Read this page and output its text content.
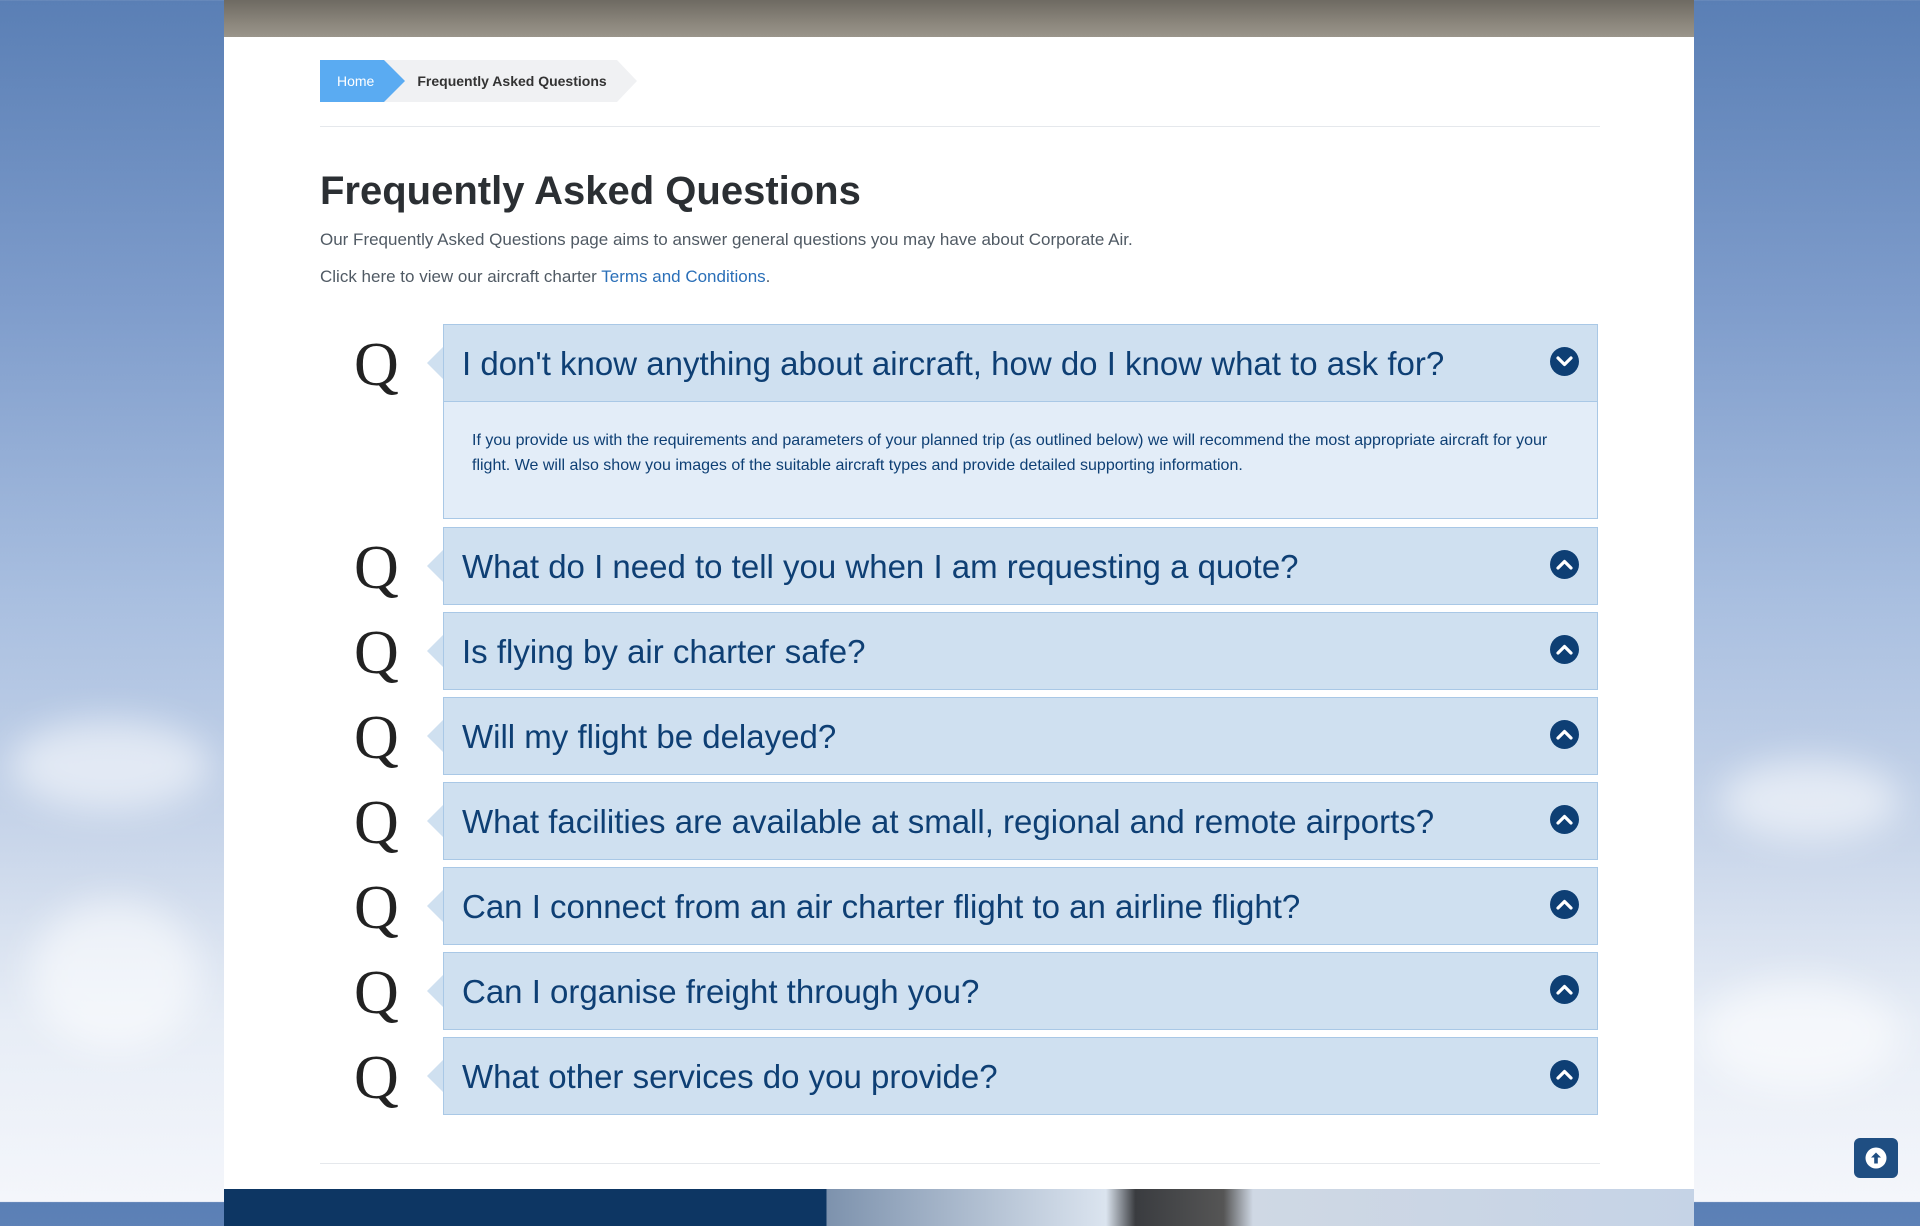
Home	Frequently Asked Questions
Frequently Asked Questions

Our Frequently Asked Questions page aims to answer general questions you may have about Corporate Air.

Click here to view our aircraft charter Terms and Conditions.

Q I don't know anything about aircraft, how do I know what to ask for?

If you provide us with the requirements and parameters of your planned trip (as outlined below) we will recommend the most appropriate aircraft for your flight. We will also show you images of the suitable aircraft types and provide detailed supporting information.

Q What do I need to tell you when I am requesting a quote?
Q Is flying by air charter safe?
Q Will my flight be delayed?
Q What facilities are available at small, regional and remote airports?
Q Can I connect from an air charter flight to an airline flight?
Q Can I organise freight through you?
Q What other services do you provide?
